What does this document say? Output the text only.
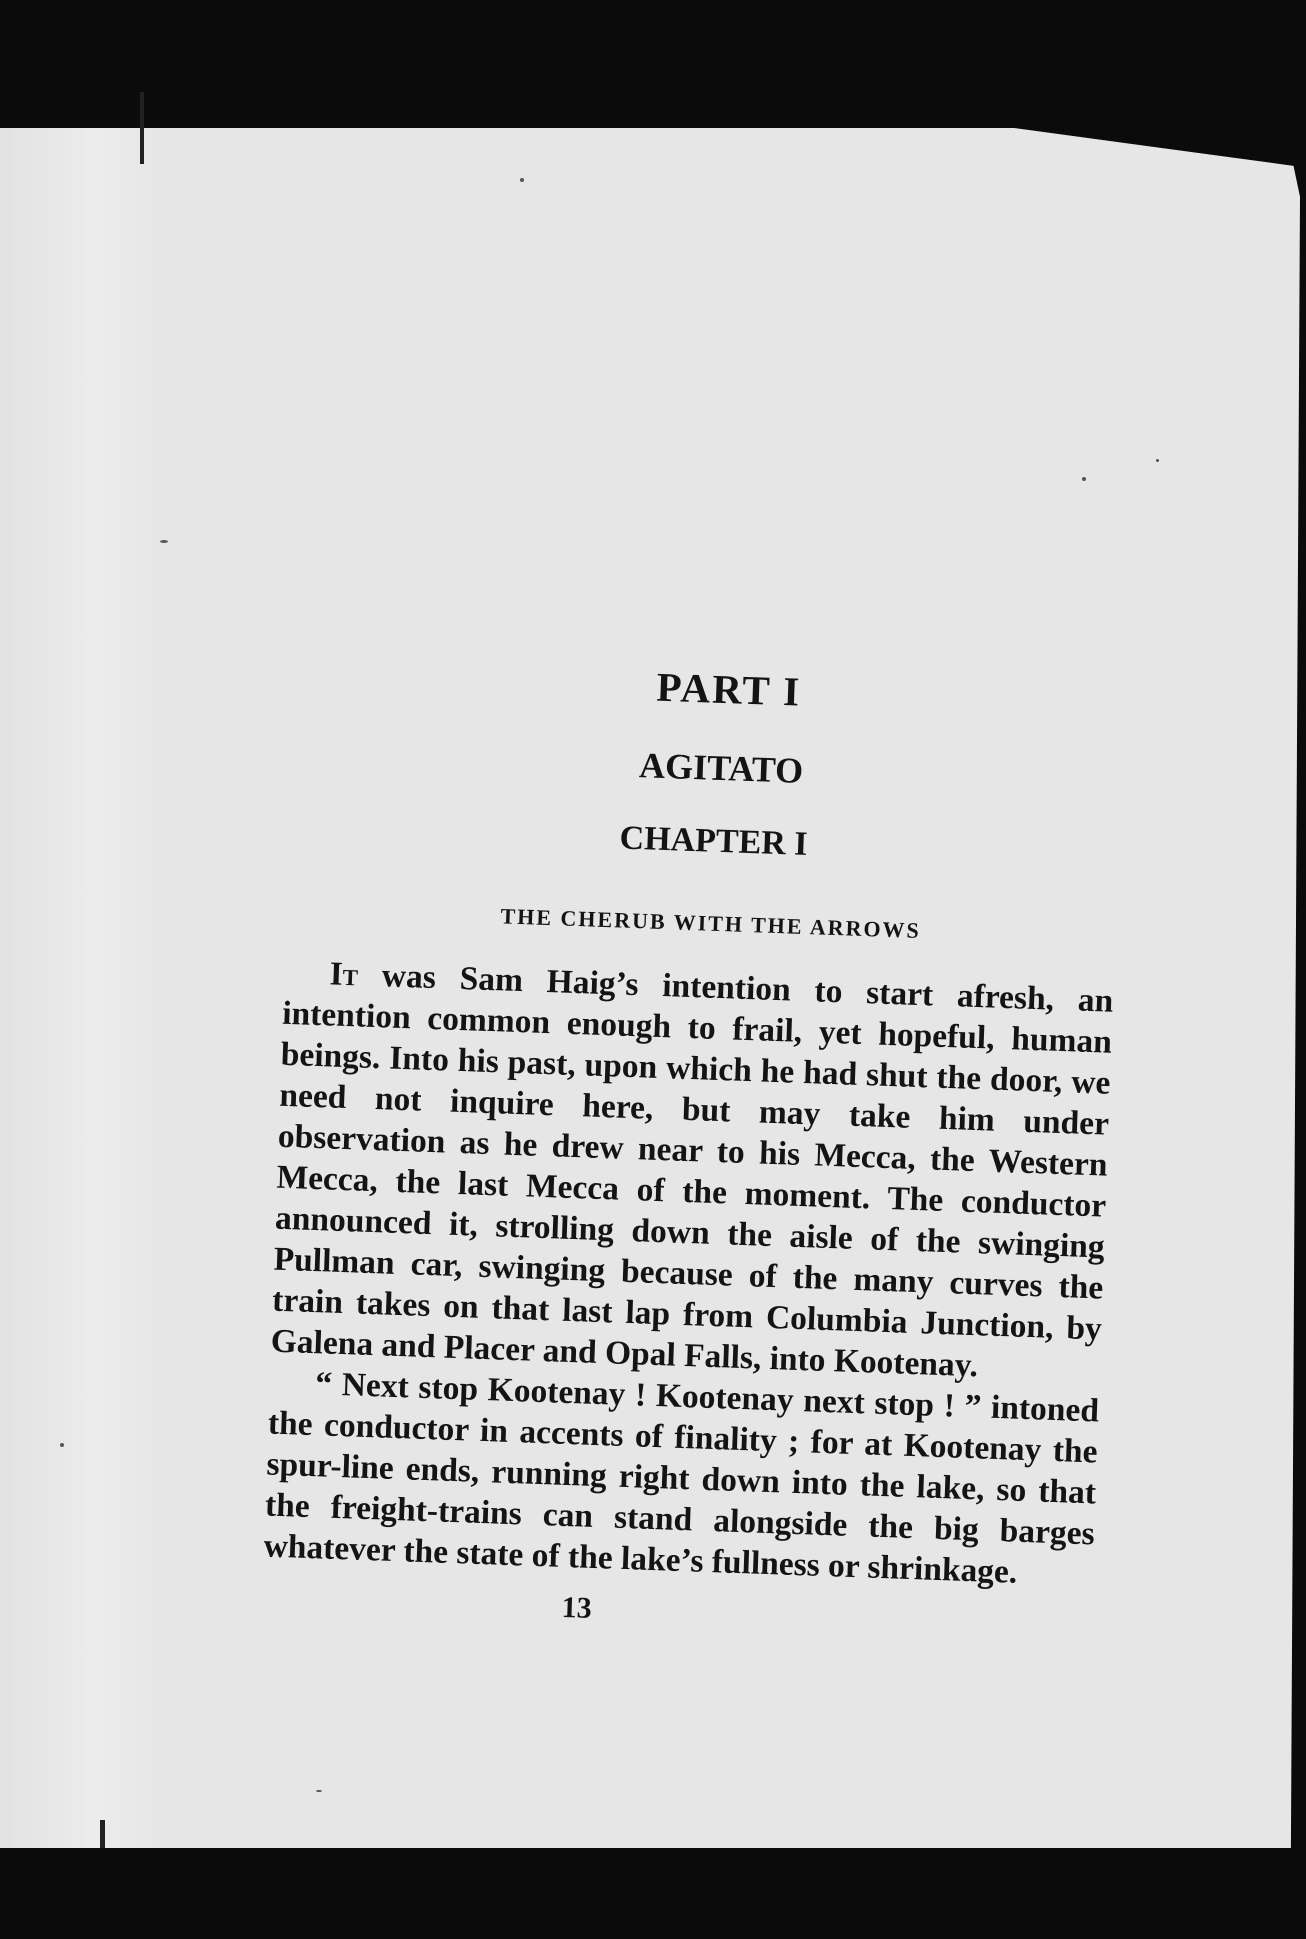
PART I
AGITATO
CHAPTER I
THE CHERUB WITH THE ARROWS

It was Sam Haig’s intention to start afresh, an intention common enough to frail, yet hopeful, human beings. Into his past, upon which he had shut the door, we need not inquire here, but may take him under observation as he drew near to his Mecca, the Western Mecca, the last Mecca of the moment. The conductor announced it, strolling down the aisle of the swinging Pullman car, swinging because of the many curves the train takes on that last lap from Columbia Junction, by Galena and Placer and Opal Falls, into Kootenay.

“ Next stop Kootenay ! Kootenay next stop ! ” intoned the conductor in accents of finality ; for at Kootenay the spur-line ends, running right down into the lake, so that the freight-trains can stand alongside the big barges whatever the state of the lake’s fullness or shrinkage.

13
